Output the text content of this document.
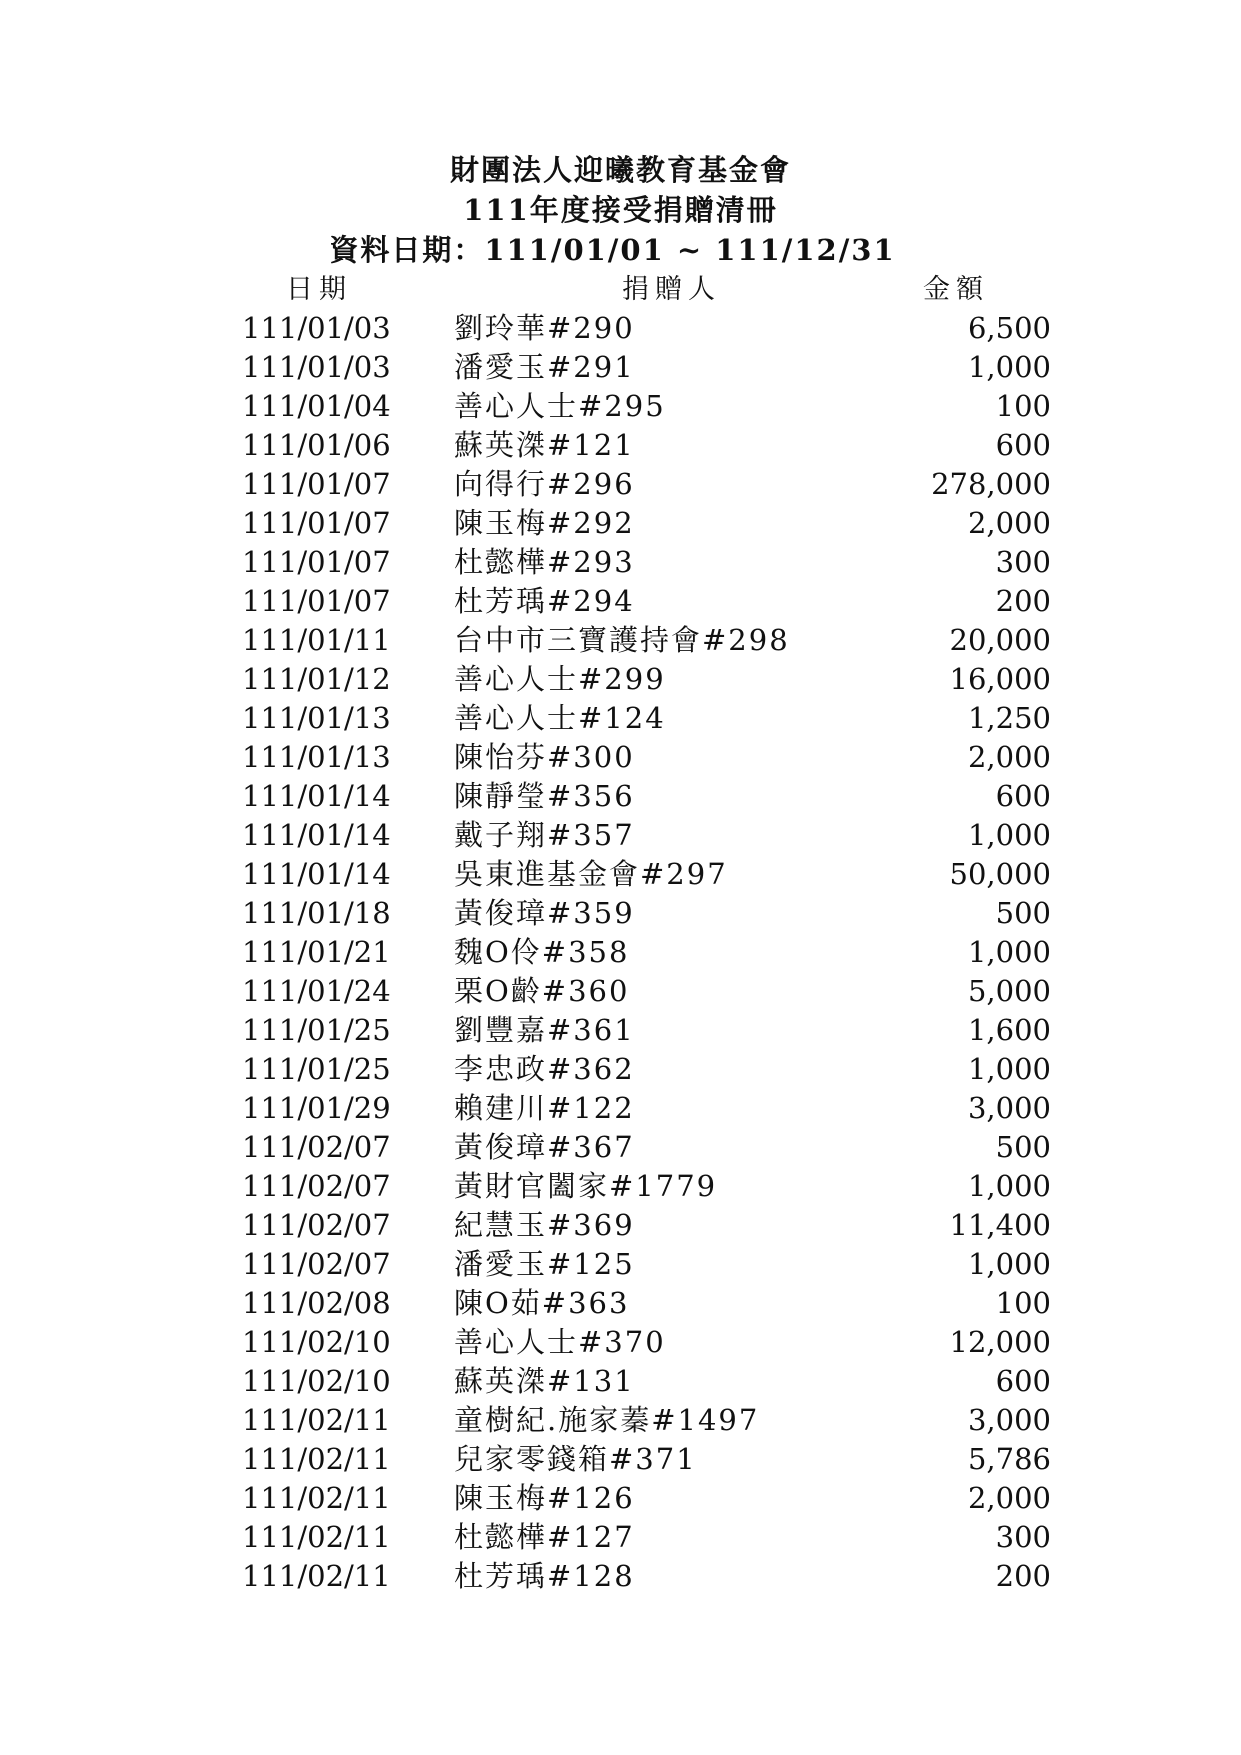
財團法人迎曦教育基金會
111年度接受捐贈清冊
資料日期：111/01/01 ~ 111/12/31
日期	捐贈人	金額
111/01/03 劉玲華#290	6,500
111/01/03 潘愛玉#291	1,000
111/01/04 善心人士#295	100
111/01/06 蘇英滐#121	600
111/01/07 向得行#296	278,000
111/01/07 陳玉梅#292	2,000
111/01/07 杜懿樺#293	300
111/01/07 杜芳瑀#294	200
111/01/11 台中市三寶護持會#298	20,000
111/01/12 善心人士#299	16,000
111/01/13 善心人士#124	1,250
111/01/13 陳怡芬#300	2,000
111/01/14 陳靜瑩#356	600
111/01/14 戴子翔#357	1,000
111/01/14 吳東進基金會#297	50,000
111/01/18 黃俊璋#359	500
111/01/21 魏O伶#358	1,000
111/01/24 栗O齡#360	5,000
111/01/25 劉豐嘉#361	1,600
111/01/25 李忠政#362	1,000
111/01/29 賴建川#122	3,000
111/02/07 黃俊璋#367	500
111/02/07 黃財官闔家#1779	1,000
111/02/07 紀慧玉#369	11,400
111/02/07 潘愛玉#125	1,000
111/02/08 陳O茹#363	100
111/02/10 善心人士#370	12,000
111/02/10 蘇英滐#131	600
111/02/11 童樹紀.施家蓁#1497	3,000
111/02/11 兒家零錢箱#371	5,786
111/02/11 陳玉梅#126	2,000
111/02/11 杜懿樺#127	300
111/02/11 杜芳瑀#128	200
